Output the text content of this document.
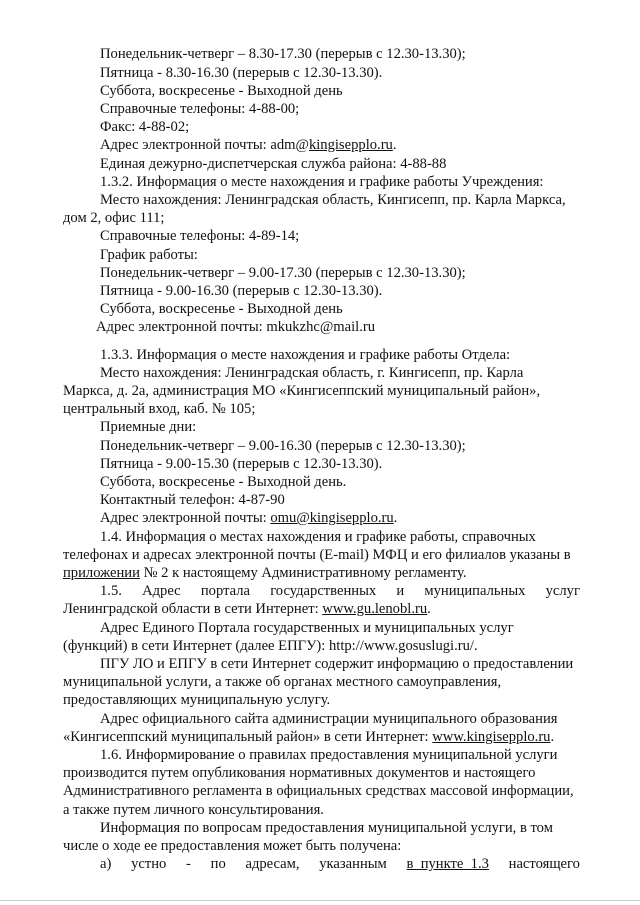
Понедельник-четверг – 8.30-17.30 (перерыв с 12.30-13.30);
Пятница - 8.30-16.30 (перерыв с 12.30-13.30).
Суббота, воскресенье - Выходной день
Справочные телефоны: 4-88-00;
Факс: 4-88-02;
Адрес электронной почты: adm@kingisepplo.ru.
Единая дежурно-диспетчерская служба района: 4-88-88
1.3.2. Информация о месте нахождения и графике работы Учреждения:
Место нахождения: Ленинградская область, Кингисепп, пр. Карла Маркса,
дом 2, офис 111;
Справочные телефоны: 4-89-14;
График работы:
Понедельник-четверг – 9.00-17.30 (перерыв с 12.30-13.30);
Пятница - 9.00-16.30 (перерыв с 12.30-13.30).
Суббота, воскресенье - Выходной день
Адрес электронной почты: mkukzhc@mail.ru
1.3.3. Информация о месте нахождения и графике работы Отдела:
Место нахождения: Ленинградская область, г. Кингисепп, пр. Карла
Маркса, д. 2а, администрация МО «Кингисеппский муниципальный район»,
центральный вход, каб. № 105;
Приемные дни:
Понедельник-четверг – 9.00-16.30 (перерыв с 12.30-13.30);
Пятница - 9.00-15.30 (перерыв с 12.30-13.30).
Суббота, воскресенье - Выходной день.
Контактный телефон: 4-87-90
Адрес электронной почты: omu@kingisepplo.ru.
1.4. Информация о местах нахождения и графике работы, справочных
телефонах и адресах электронной почты (E-mail) МФЦ и его филиалов указаны в
приложении № 2 к настоящему Административному регламенту.
1.5. Адрес портала государственных и муниципальных услуг
Ленинградской области в сети Интернет: www.gu.lenobl.ru.
Адрес Единого Портала государственных и муниципальных услуг
(функций) в сети Интернет (далее ЕПГУ): http://www.gosuslugi.ru/.
ПГУ ЛО и ЕПГУ в сети Интернет содержит информацию о предоставлении
муниципальной услуги, а также об органах местного самоуправления,
предоставляющих муниципальную услугу.
Адрес официального сайта администрации муниципального образования
«Кингисеппский муниципальный район» в сети Интернет: www.kingisepplo.ru.
1.6. Информирование о правилах предоставления муниципальной услуги
производится путем опубликования нормативных документов и настоящего
Административного регламента в официальных средствах массовой информации,
а также путем личного консультирования.
Информация по вопросам предоставления муниципальной услуги, в том
числе о ходе ее предоставления может быть получена:
а) устно - по адресам, указанным в  пункте  1.3 настоящего
